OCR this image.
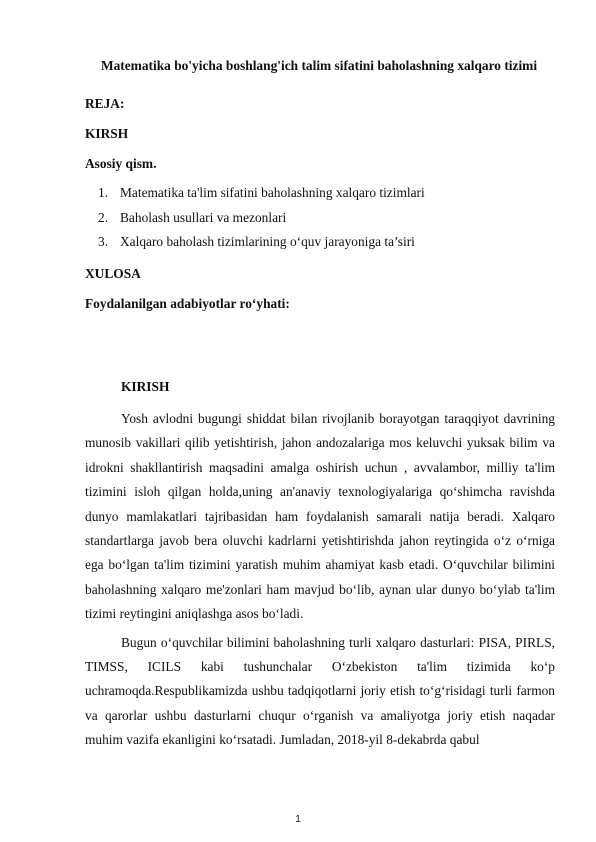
Matematika bo'yicha boshlang'ich talim sifatini baholashning xalqaro tizimi
REJA:
KIRSH
Asosiy qism.
1. Matematika ta'lim sifatini baholashning xalqaro tizimlari
2. Baholash usullari va mezonlari
3. Xalqaro baholash tizimlarining o‘quv jarayoniga ta’siri
XULOSA
Foydalanilgan adabiyotlar ro‘yhati:
KIRISH

Yosh avlodni bugungi shiddat bilan rivojlanib borayotgan taraqqiyot davrining munosib vakillari qilib yetishtirish, jahon andozalariga mos keluvchi yuksak bilim va idrokni shakllantirish maqsadini amalga oshirish uchun , avvalambor, milliy ta'lim tizimini isloh qilgan holda,uning an'anaviy texnologiyalariga qo‘shimcha ravishda dunyo mamlakatlari tajribasidan ham foydalanish samarali natija beradi. Xalqaro standartlarga javob bera oluvchi kadrlarni yetishtirishda jahon reytingida o‘z o‘rniga ega bo‘lgan ta'lim tizimini yaratish muhim ahamiyat kasb etadi. O‘quvchilar bilimini baholashning xalqaro me'zonlari ham mavjud bo‘lib, aynan ular dunyo bo‘ylab ta'lim tizimi reytingini aniqlashga asos bo‘ladi.

Bugun o‘quvchilar bilimini baholashning turli xalqaro dasturlari: PISA, PIRLS, TIMSS, ICILS kabi tushunchalar O‘zbekiston ta'lim tizimida ko‘p uchramoqda.Respublikamizda ushbu tadqiqotlarni joriy etish to‘g‘risidagi turli farmon va qarorlar ushbu dasturlarni chuqur o‘rganish va amaliyotga joriy etish naqadar muhim vazifa ekanligini ko‘rsatadi. Jumladan, 2018-yil 8-dekabrda qabul

1
